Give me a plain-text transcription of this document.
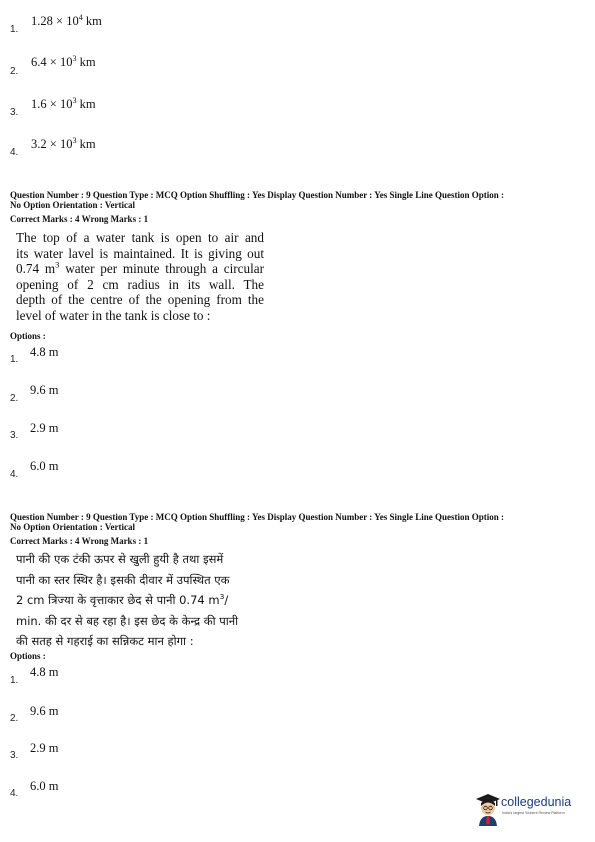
1.
$1.28 \times 10^4$ km
2.
$6.4 \times 10^3$ km
3.
$1.6 \times 10^3$ km
4.
$3.2 \times 10^3$ km
Question Number : 9 Question Type : MCQ Option Shuffling : Yes Display Question Number : Yes Single Line Question Option :
No Option Orientation : Vertical
Correct Marks : 4 Wrong Marks : 1
The top of a water tank is open to air and
its water lavel is maintained. It is giving out
0.74 $m^3$ water per minute through a circular
opening of 2 cm radius in its wall. The
depth of the centre of the opening from the
level of water in the tank is close to :
Options :
1.
4.8 m
2.
9.6 m
3.
2.9 m
4.
6.0 m
Question Number : 9 Question Type : MCQ Option Shuffling : Yes Display Question Number : Yes Single Line Question Option :
No Option Orientation : Vertical
Correct Marks : 4 Wrong Marks : 1
पानी की एक टंकी ऊपर से खुली हुयी है तथा इसमें
पानी का स्तर स्थिर है। इसकी दीवार में उपस्थित एक
2 cm त्रिज्या के वृत्ताकार छेद से पानी 0.74 $m^3/$
min. की दर से बह रहा है। इस छेद के केन्द्र की पानी
की सतह से गहराई का सन्निकट मान होगा :
Options :
1.
4.8 m
2.
9.6 m
3.
2.9 m
4.
6.0 m
collegedunia
India's largest Student Review Platform
